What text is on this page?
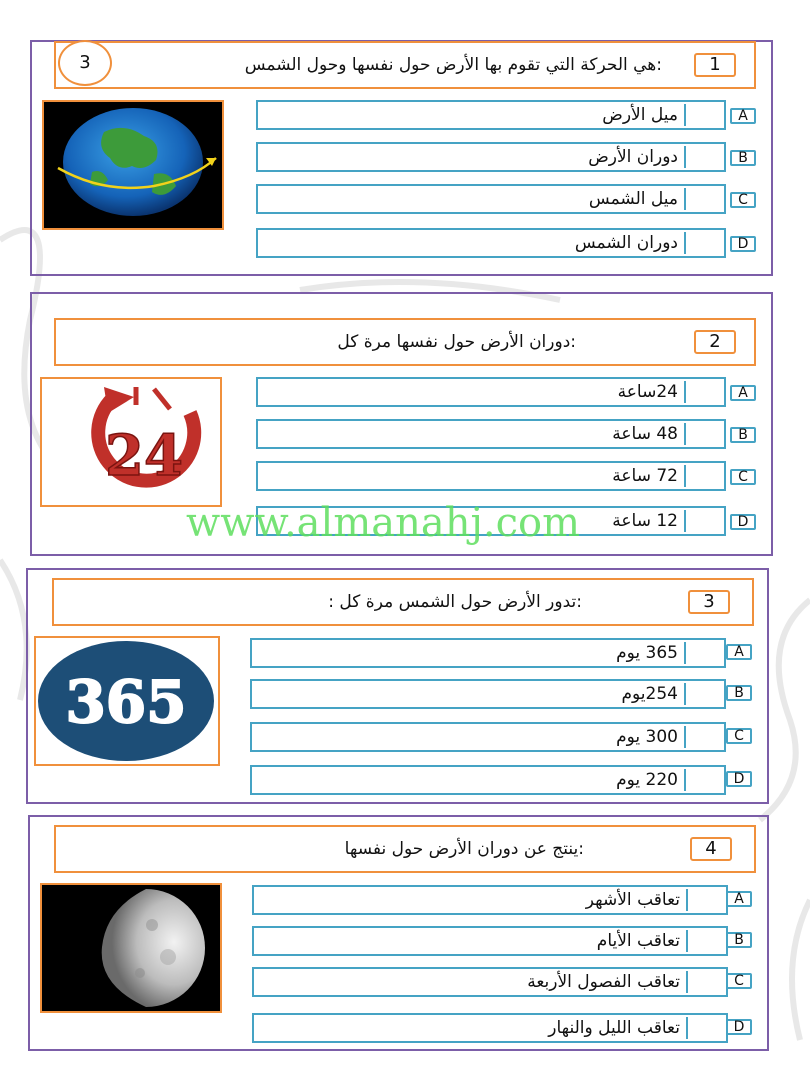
1
:هي الحركة التي تقوم بها الأرض حول نفسها وحول الشمس
3
ميل الأرض	A
دوران الأرض	B
ميل الشمس	C
دوران الشمس	D
2
:دوران الأرض حول نفسها مرة كل
24
24ساعة	A
48 ساعة	B
72 ساعة	C
12 ساعة	D
3
:تدور الأرض حول الشمس مرة كل :
365
365 يوم	A
254يوم	B
300 يوم	C
220 يوم	D
4
:ينتج عن دوران الأرض حول نفسها
تعاقب الأشهر	A
تعاقب الأيام	B
تعاقب الفصول الأربعة	C
تعاقب الليل والنهار	D
www.almanahj.com
